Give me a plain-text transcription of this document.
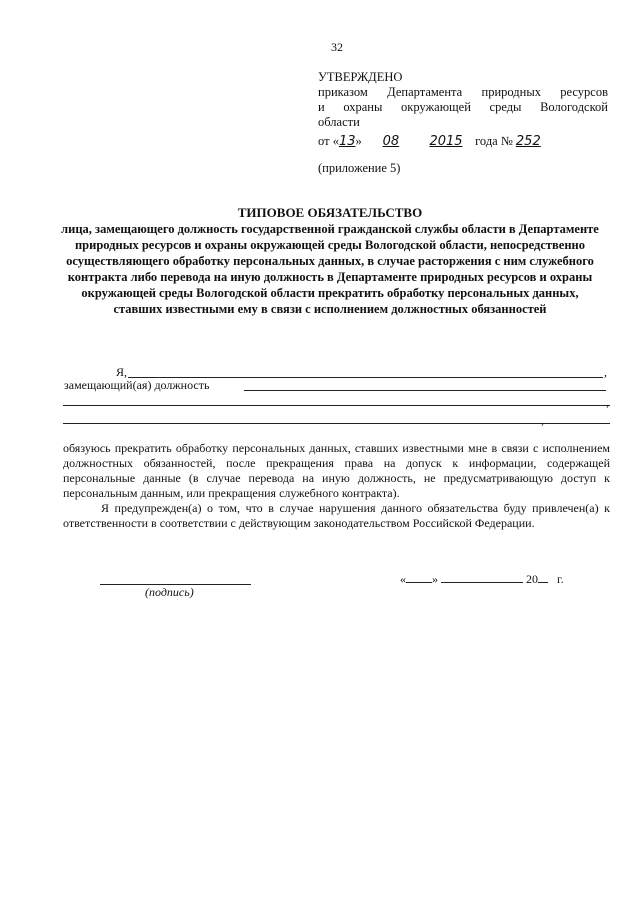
32
УТВЕРЖДЕНО
приказом Департамента природных ресурсов
и охраны окружающей среды Вологодской
области
от «13» 08 2015 года № 252
(приложение 5)
ТИПОВОЕ ОБЯЗАТЕЛЬСТВО
лица, замещающего должность государственной гражданской службы области в Департаменте природных ресурсов и охраны окружающей среды Вологодской области, непосредственно осуществляющего обработку персональных данных, в случае расторжения с ним служебного контракта либо перевода на иную должность в Департаменте природных ресурсов и охраны окружающей среды Вологодской области прекратить обработку персональных данных, ставших известными ему в связи с исполнением должностных обязанностей
Я,	,
замещающий(ая) должность
,
,

обязуюсь прекратить обработку персональных данных, ставших известными мне в связи с исполнением должностных обязанностей, после прекращения права на допуск к информации, содержащей персональные данные (в случае перевода на иную должность, не предусматривающую доступ к персональным данным, или прекращения служебного контракта).

Я предупрежден(а) о том, что в случае нарушения данного обязательства буду привлечен(а) к ответственности в соответствии с действующим законодательством Российской Федерации.

(подпись)
« »	20 г.
